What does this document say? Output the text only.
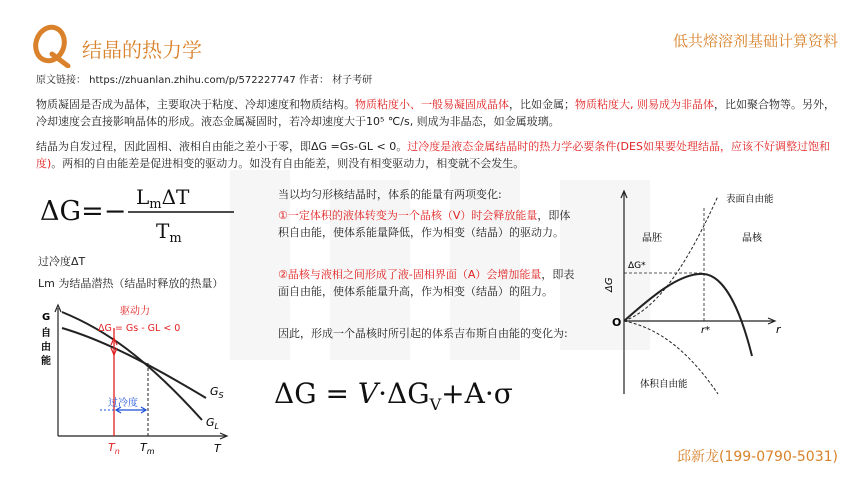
结晶的热力学	低共熔溶剂基础计算资料
原文链接： https://zhuanlan.zhihu.com/p/572227747 作者： 材子考研
物质凝固是否成为晶体，主要取决于粘度、冷却速度和物质结构。物质粘度小、一般易凝固成晶体，比如金属；物质粘度大, 则易成为非晶体，比如聚合物等。另外，冷却速度会直接影响晶体的形成。液态金属凝固时，若冷却速度大于10⁵ ℃/s, 则成为非晶态，如金属玻璃。
结晶为自发过程，因此固相、液相自由能之差小于零，即ΔG =Gs-GL < 0。过冷度是液态金属结晶时的热力学必要条件(DES如果要处理结晶，应该不好调整过饱和度)。两相的自由能差是促进相变的驱动力。如没有自由能差，则没有相变驱动力，相变就不会发生。
$\Delta G=- L_m\Delta T$
$T_m$
过冷度ΔT
Lm 为结晶潜热（结晶时释放的热量）
G
自
由
能
驱动力
ΔG = Gs - GL < 0
过冷度
$G_S$
$G_L$
$T_n$ $T_m$	T
当以均匀形核结晶时，体系的能量有两项变化:
①一定体积的液体转变为一个晶核（V）时会释放能量，即体积自由能，使体系能量降低，作为相变（结晶）的驱动力。
②晶核与液相之间形成了液-固相界面（A）会增加能量，即表面自由能，使体系能量升高，作为相变（结晶）的阻力。
因此，形成一个晶核时所引起的体系吉布斯自由能的变化为:
$\Delta G = V\cdot\Delta G_V+A\cdot\sigma$
表面自由能
晶胚	晶核
ΔG*
ΔG
O
r*	r
体积自由能
邱新龙(199-0790-5031)
